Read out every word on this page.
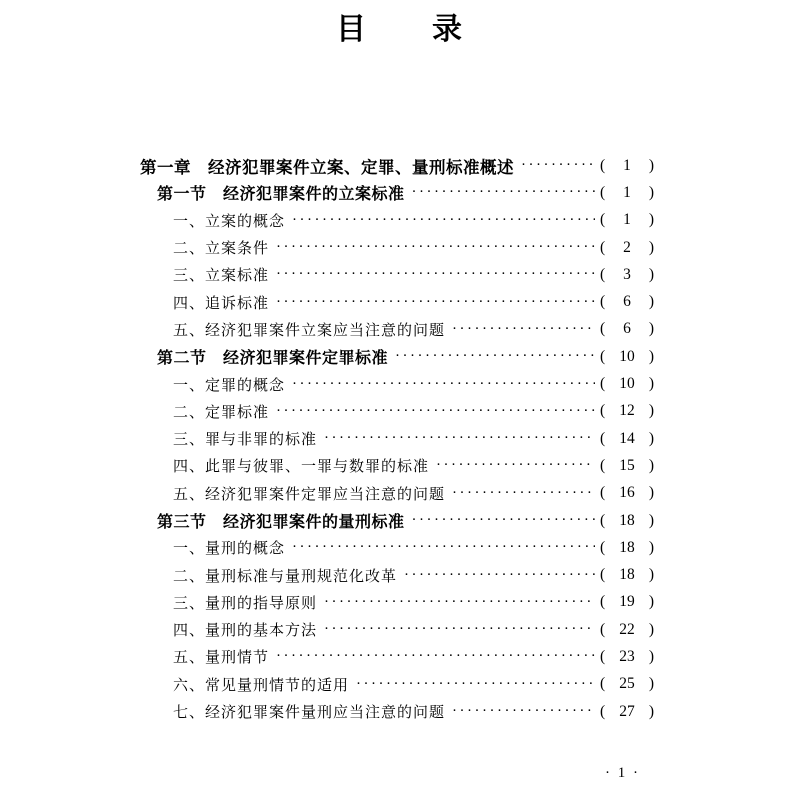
目　　录
第一章　经济犯罪案件立案、定罪、量刑标准概述 ·····	( 1 )
第一节　经济犯罪案件的立案标准 ·····	( 1 )
一、立案的概念 ·····	( 1 )
二、立案条件 ·····	( 2 )
三、立案标准 ·····	( 3 )
四、追诉标准 ·····	( 6 )
五、经济犯罪案件立案应当注意的问题 ·····	( 6 )
第二节　经济犯罪案件定罪标准 ·····	( 10 )
一、定罪的概念 ·····	( 10 )
二、定罪标准 ·····	( 12 )
三、罪与非罪的标准 ·····	( 14 )
四、此罪与彼罪、一罪与数罪的标准 ·····	( 15 )
五、经济犯罪案件定罪应当注意的问题 ·····	( 16 )
第三节　经济犯罪案件的量刑标准 ·····	( 18 )
一、量刑的概念 ·····	( 18 )
二、量刑标准与量刑规范化改革 ·····	( 18 )
三、量刑的指导原则 ·····	( 19 )
四、量刑的基本方法 ·····	( 22 )
五、量刑情节 ·····	( 23 )
六、常见量刑情节的适用 ·····	( 25 )
七、经济犯罪案件量刑应当注意的问题 ·····	( 27 )
· 1 ·
